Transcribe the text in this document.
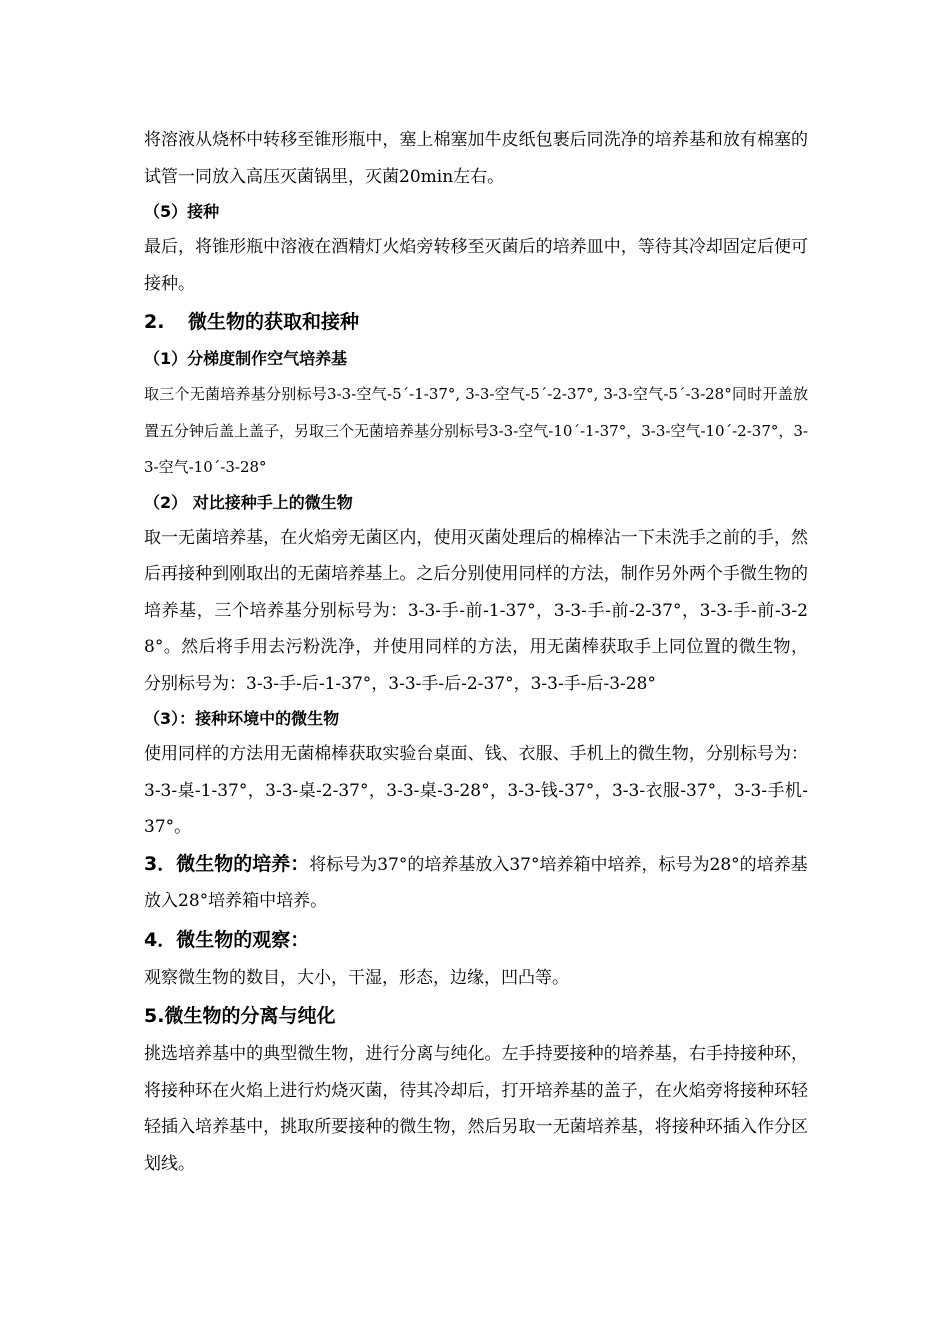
将溶液从烧杯中转移至锥形瓶中，塞上棉塞加牛皮纸包裹后同洗净的培养基和放有棉塞的试管一同放入高压灭菌锅里，灭菌20min左右。

（5）接种

最后，将锥形瓶中溶液在酒精灯火焰旁转移至灭菌后的培养皿中，等待其冷却固定后便可接种。

2. 微生物的获取和接种

（1）分梯度制作空气培养基

取三个无菌培养基分别标号3-3-空气-5´-1-37°, 3-3-空气-5´-2-37°, 3-3-空气-5´-3-28°同时开盖放置五分钟后盖上盖子，另取三个无菌培养基分别标号3-3-空气-10´-1-37°，3-3-空气-10´-2-37°，3-3-空气-10´-3-28°

（2） 对比接种手上的微生物

取一无菌培养基，在火焰旁无菌区内，使用灭菌处理后的棉棒沾一下未洗手之前的手，然后再接种到刚取出的无菌培养基上。之后分别使用同样的方法，制作另外两个手微生物的培养基，三个培养基分别标号为：3-3-手-前-1-37°，3-3-手-前-2-37°，3-3-手-前-3-28°。然后将手用去污粉洗净，并使用同样的方法，用无菌棒获取手上同位置的微生物，分别标号为：3-3-手-后-1-37°，3-3-手-后-2-37°，3-3-手-后-3-28°

（3）：接种环境中的微生物

使用同样的方法用无菌棉棒获取实验台桌面、钱、衣服、手机上的微生物，分别标号为：3-3-桌-1-37°，3-3-桌-2-37°，3-3-桌-3-28°，3-3-钱-37°，3-3-衣服-37°，3-3-手机-37°。

3．微生物的培养：将标号为37°的培养基放入37°培养箱中培养，标号为28°的培养基放入28°培养箱中培养。

4．微生物的观察：

观察微生物的数目，大小，干湿，形态，边缘，凹凸等。

5.微生物的分离与纯化

挑选培养基中的典型微生物，进行分离与纯化。左手持要接种的培养基，右手持接种环，将接种环在火焰上进行灼烧灭菌，待其冷却后，打开培养基的盖子，在火焰旁将接种环轻轻插入培养基中，挑取所要接种的微生物，然后另取一无菌培养基，将接种环插入作分区划线。
